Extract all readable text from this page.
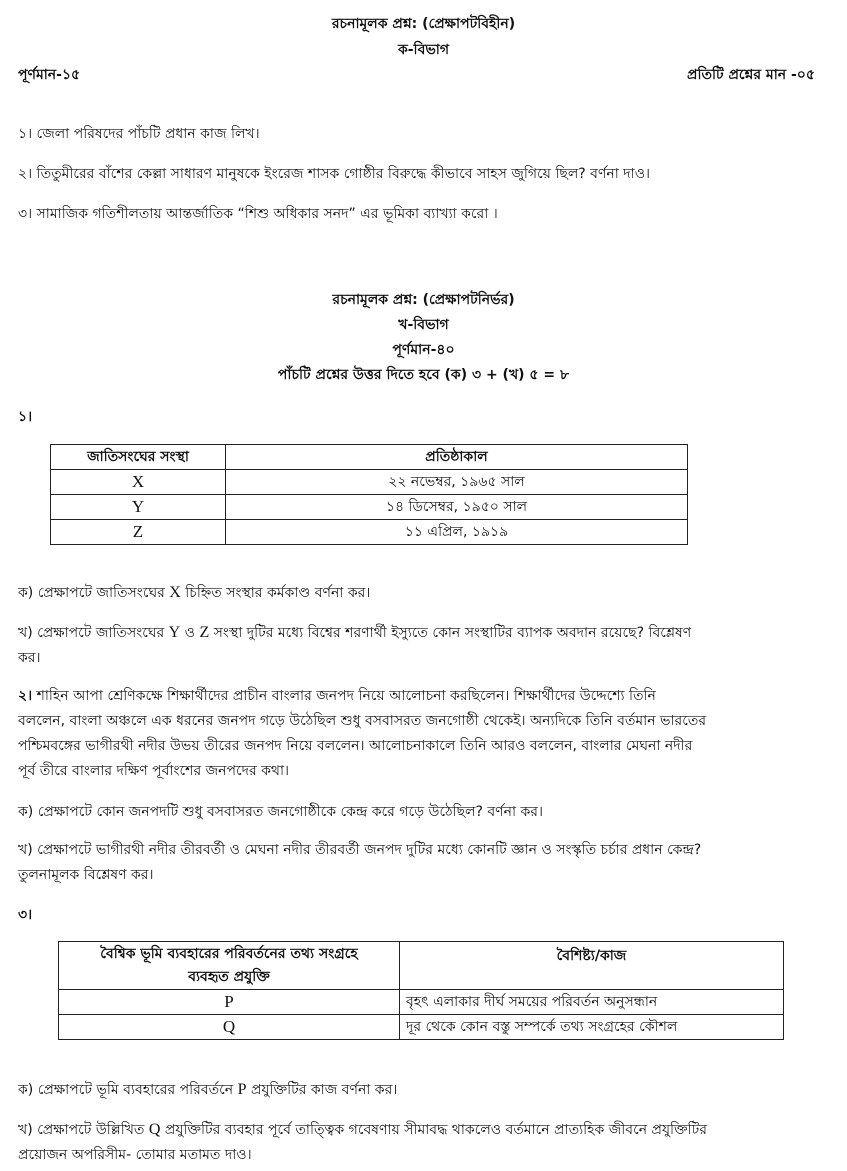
রচনামূলক প্রশ্ন: (প্রেক্ষাপটবিহীন)
ক-বিভাগ
পূর্ণমান-১৫	প্রতিটি প্রশ্নের মান -০৫
১। জেলা পরিষদের পাঁচটি প্রধান কাজ লিখ।
২। তিতুমীরের বাঁশের কেল্লা সাধারণ মানুষকে ইংরেজ শাসক গোষ্ঠীর বিরুদ্ধে কীভাবে সাহস জুগিয়ে ছিল? বর্ণনা দাও।
৩। সামাজিক গতিশীলতায় আন্তর্জাতিক “শিশু অধিকার সনদ” এর ভূমিকা ব্যাখ্যা করো ।
রচনামূলক প্রশ্ন: (প্রেক্ষাপটনির্ভর)
খ-বিভাগ
পূর্ণমান-৪০
পাঁচটি প্রশ্নের উত্তর দিতে হবে (ক) ৩ + (খ) ৫ = ৮
১।
জাতিসংঘের সংস্থা	প্রতিষ্ঠাকাল
X	২২ নভেম্বর, ১৯৬৫ সাল
Y	১৪ ডিসেম্বর, ১৯৫০ সাল
Z	১১ এপ্রিল, ১৯১৯
ক) প্রেক্ষাপটে জাতিসংঘের X চিহ্নিত সংস্থার কর্মকাণ্ড বর্ণনা কর।
খ) প্রেক্ষাপটে জাতিসংঘের Y ও Z সংস্থা দুটির মধ্যে বিশ্বের শরণার্থী ইস্যুতে কোন সংস্থাটির ব্যাপক অবদান রয়েছে? বিশ্লেষণ
কর।
২। শাহিন আপা শ্রেণিকক্ষে শিক্ষার্থীদের প্রাচীন বাংলার জনপদ নিয়ে আলোচনা করছিলেন। শিক্ষার্থীদের উদ্দেশ্যে তিনি
বললেন, বাংলা অঞ্চলে এক ধরনের জনপদ গড়ে উঠেছিল শুধু বসবাসরত জনগোষ্ঠী থেকেই। অন্যদিকে তিনি বর্তমান ভারতের
পশ্চিমবঙ্গের ভাগীরথী নদীর উভয় তীরের জনপদ নিয়ে বললেন। আলোচনাকালে তিনি আরও বললেন, বাংলার মেঘনা নদীর
পূর্ব তীরে বাংলার দক্ষিণ পূর্বাংশের জনপদের কথা।
ক) প্রেক্ষাপটে কোন জনপদটি শুধু বসবাসরত জনগোষ্ঠীকে কেন্দ্র করে গড়ে উঠেছিল? বর্ণনা কর।
খ) প্রেক্ষাপটে ভাগীরথী নদীর তীরবর্তী ও মেঘনা নদীর তীরবর্তী জনপদ দুটির মধ্যে কোনটি জ্ঞান ও সংস্কৃতি চর্চার প্রধান কেন্দ্র?
তুলনামূলক বিশ্লেষণ কর।
৩।
বৈশ্বিক ভূমি ব্যবহারের পরিবর্তনের তথ্য সংগ্রহে
ব্যবহৃত প্রযুক্তি	বৈশিষ্ট্য/কাজ
P	বৃহৎ এলাকার দীর্ঘ সময়ের পরিবর্তন অনুসন্ধান
Q	দূর থেকে কোন বস্তু সম্পর্কে তথ্য সংগ্রহের কৌশল
ক) প্রেক্ষাপটে ভূমি ব্যবহারের পরিবর্তনে P প্রযুক্তিটির কাজ বর্ণনা কর।
খ) প্রেক্ষাপটে উল্লিখিত Q প্রযুক্তিটির ব্যবহার পূর্বে তাত্ত্বিক গবেষণায় সীমাবদ্ধ থাকলেও বর্তমানে প্রাত্যহিক জীবনে প্রযুক্তিটির
প্রয়োজন অপরিসীম- তোমার মতামত দাও।
